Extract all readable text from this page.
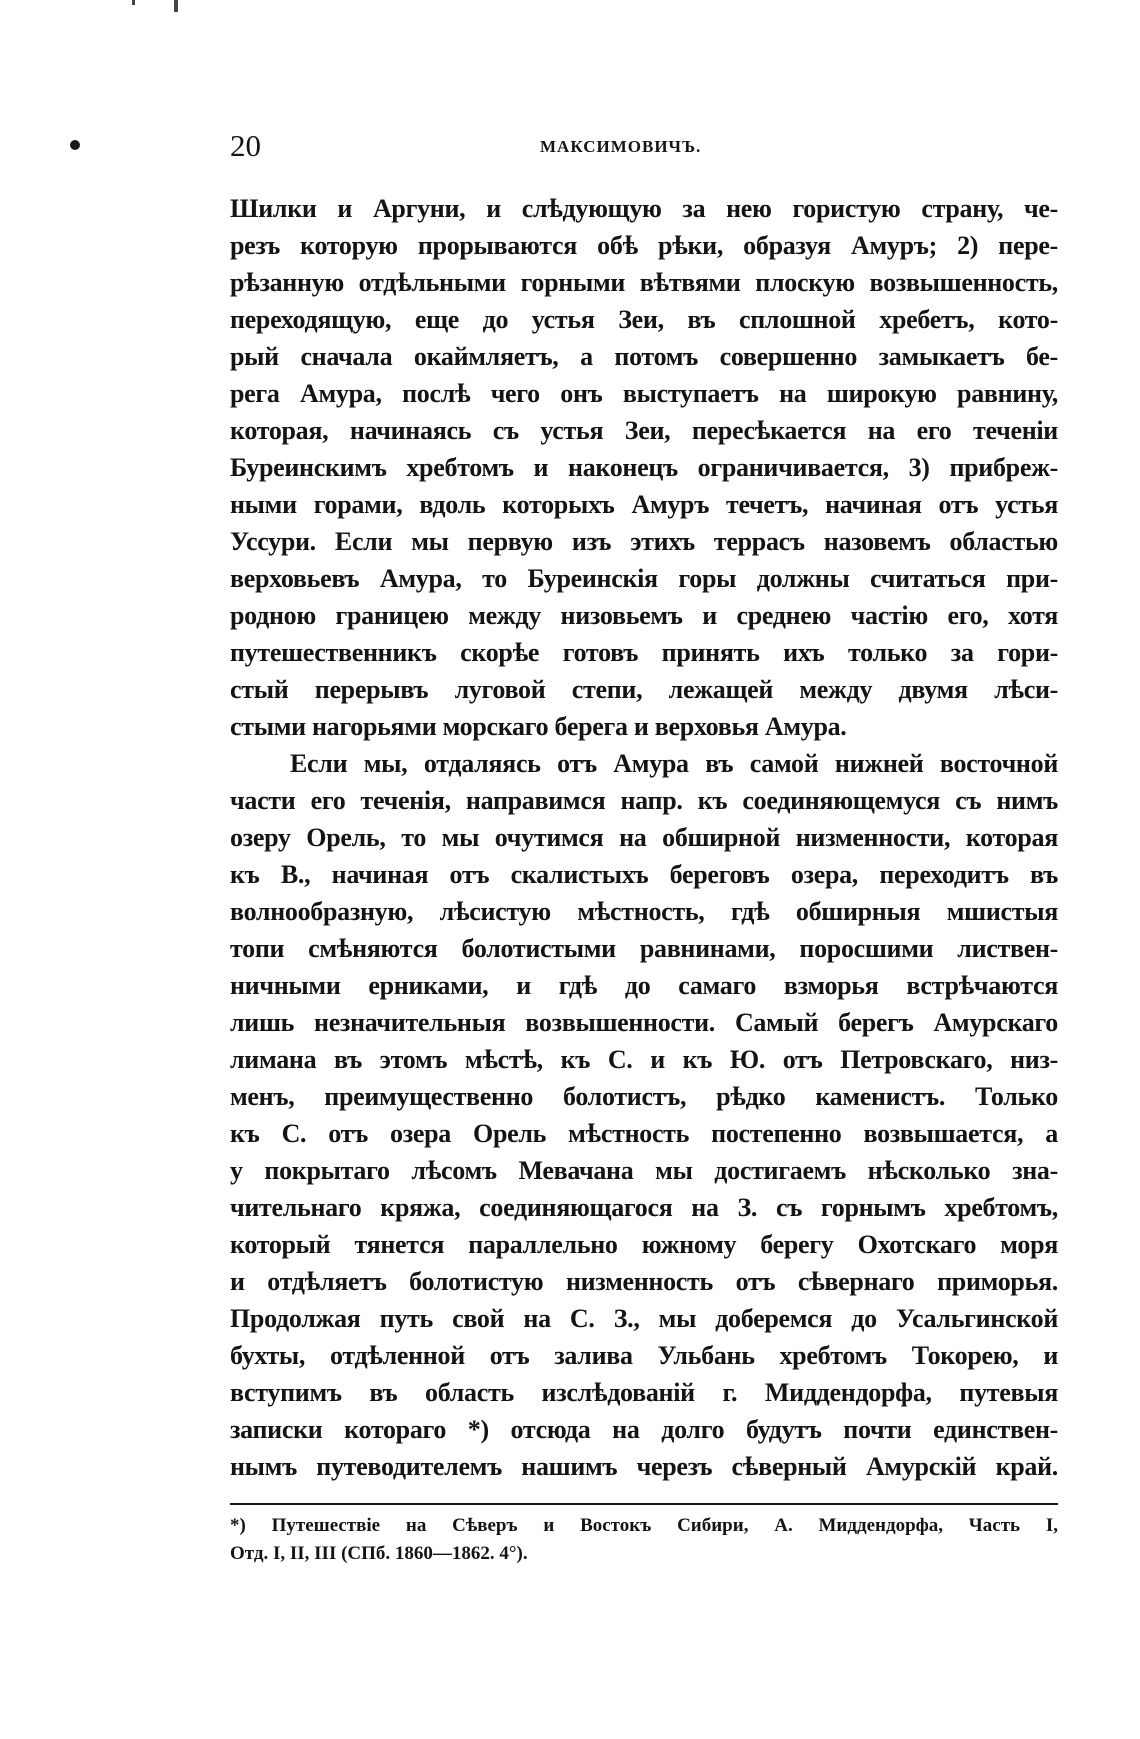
20	МАКСИМОВИЧЪ.
Шилки и Аргуни, и слѣдующую за нею гористую страну, че-
резъ которую прорываются обѣ рѣки, образуя Амуръ; 2) пере-
рѣзанную отдѣльными горными вѣтвями плоскую возвышенность,
переходящую, еще до устья Зеи, въ сплошной хребетъ, кото-
рый сначала окаймляетъ, а потомъ совершенно замыкаетъ бе-
рега Амура, послѣ чего онъ выступаетъ на широкую равнину,
которая, начинаясь съ устья Зеи, пересѣкается на его теченіи
Буреинскимъ хребтомъ и наконецъ ограничивается, 3) прибреж-
ными горами, вдоль которыхъ Амуръ течетъ, начиная отъ устья
Уссури. Если мы первую изъ этихъ террасъ назовемъ областью
верховьевъ Амура, то Буреинскія горы должны считаться при-
родною границею между низовьемъ и среднею частію его, хотя
путешественникъ скорѣе готовъ принять ихъ только за гори-
стый перерывъ луговой степи, лежащей между двумя лѣси-
стыми нагорьями морскаго берега и верховья Амура.
Если мы, отдаляясь отъ Амура въ самой нижней восточной
части его теченія, направимся напр. къ соединяющемуся съ нимъ
озеру Орель, то мы очутимся на обширной низменности, которая
къ В., начиная отъ скалистыхъ береговъ озера, переходитъ въ
волнообразную, лѣсистую мѣстность, гдѣ обширныя мшистыя
топи смѣняются болотистыми равнинами, поросшими листвен-
ничными ерниками, и гдѣ до самаго взморья встрѣчаются
лишь незначительныя возвышенности. Самый берегъ Амурскаго
лимана въ этомъ мѣстѣ, къ С. и къ Ю. отъ Петровскаго, низ-
менъ, преимущественно болотистъ, рѣдко каменистъ. Только
къ С. отъ озера Орель мѣстность постепенно возвышается, а
у покрытаго лѣсомъ Мевачана мы достигаемъ нѣсколько зна-
чительнаго кряжа, соединяющагося на З. съ горнымъ хребтомъ,
который тянется параллельно южному берегу Охотскаго моря
и отдѣляетъ болотистую низменность отъ сѣвернаго приморья.
Продолжая путь свой на С. З., мы доберемся до Усальгинской
бухты, отдѣленной отъ залива Ульбань хребтомъ Токорею, и
вступимъ въ область изслѣдованій г. Миддендорфа, путевыя
записки котораго *) отсюда на долго будутъ почти единствен-
нымъ путеводителемъ нашимъ черезъ сѣверный Амурскій край.
*) Путешествіе на Сѣверъ и Востокъ Сибири, А. Миддендорфа, Часть I,
Отд. I, II, III (СПб. 1860—1862. 4°).
